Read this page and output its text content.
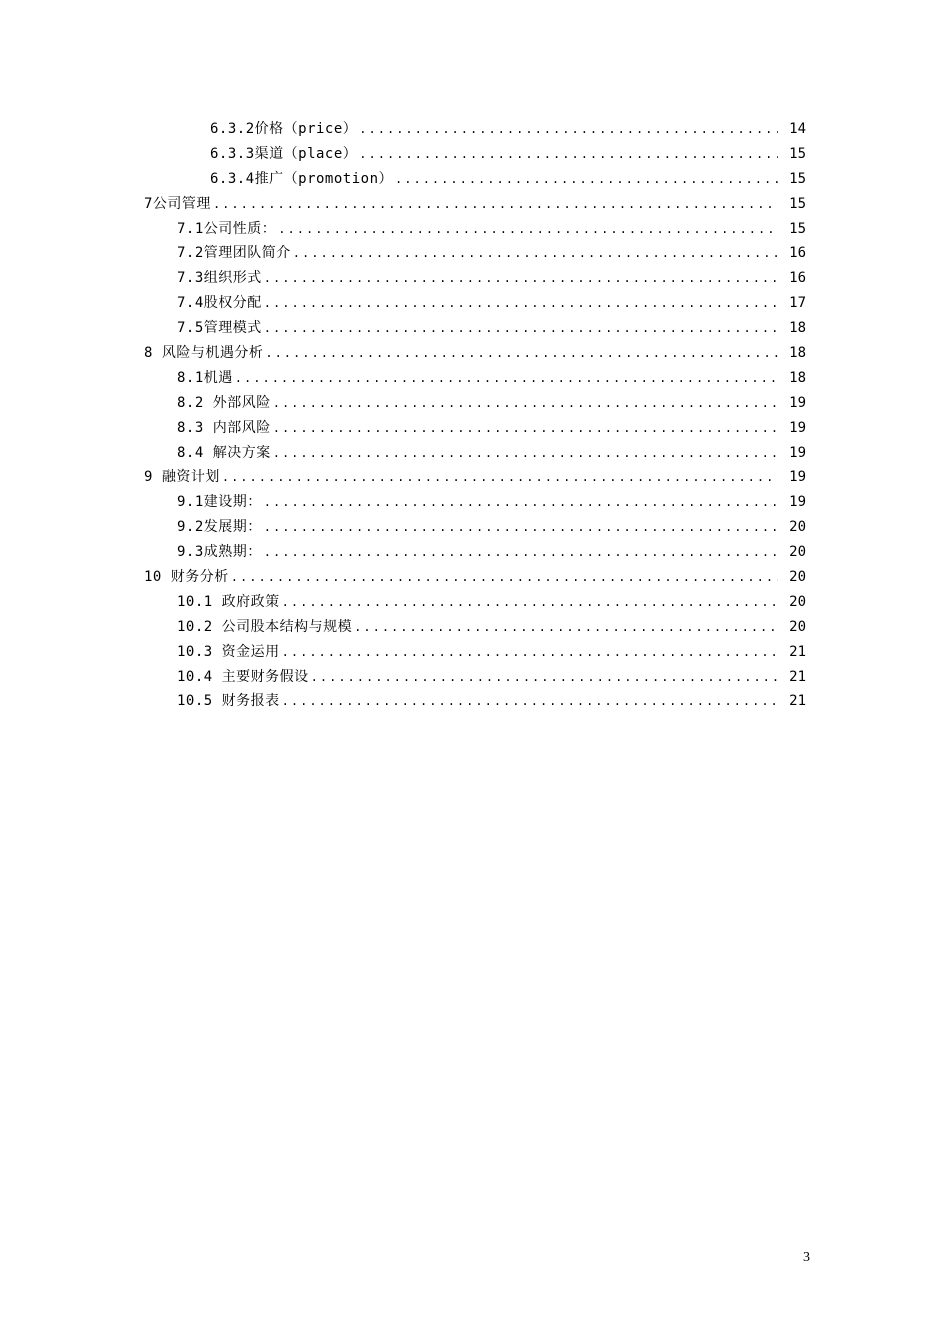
6.3.2价格（price） .....	14
6.3.3渠道（place） .....	15
6.3.4推广（promotion） .....	15
7公司管理 .....	15
7.1公司性质： .....	15
7.2管理团队简介 .....	16
7.3组织形式 .....	16
7.4股权分配 .....	17
7.5管理模式 .....	18
8 风险与机遇分析 .....	18
8.1机遇 .....	18
8.2 外部风险 .....	19
8.3 内部风险 .....	19
8.4 解决方案 .....	19
9 融资计划 .....	19
9.1建设期： .....	19
9.2发展期： .....	20
9.3成熟期： .....	20
10 财务分析 .....	20
10.1 政府政策 .....	20
10.2 公司股本结构与规模 .....	20
10.3 资金运用 .....	21
10.4 主要财务假设 .....	21
10.5 财务报表 .....	21
3
